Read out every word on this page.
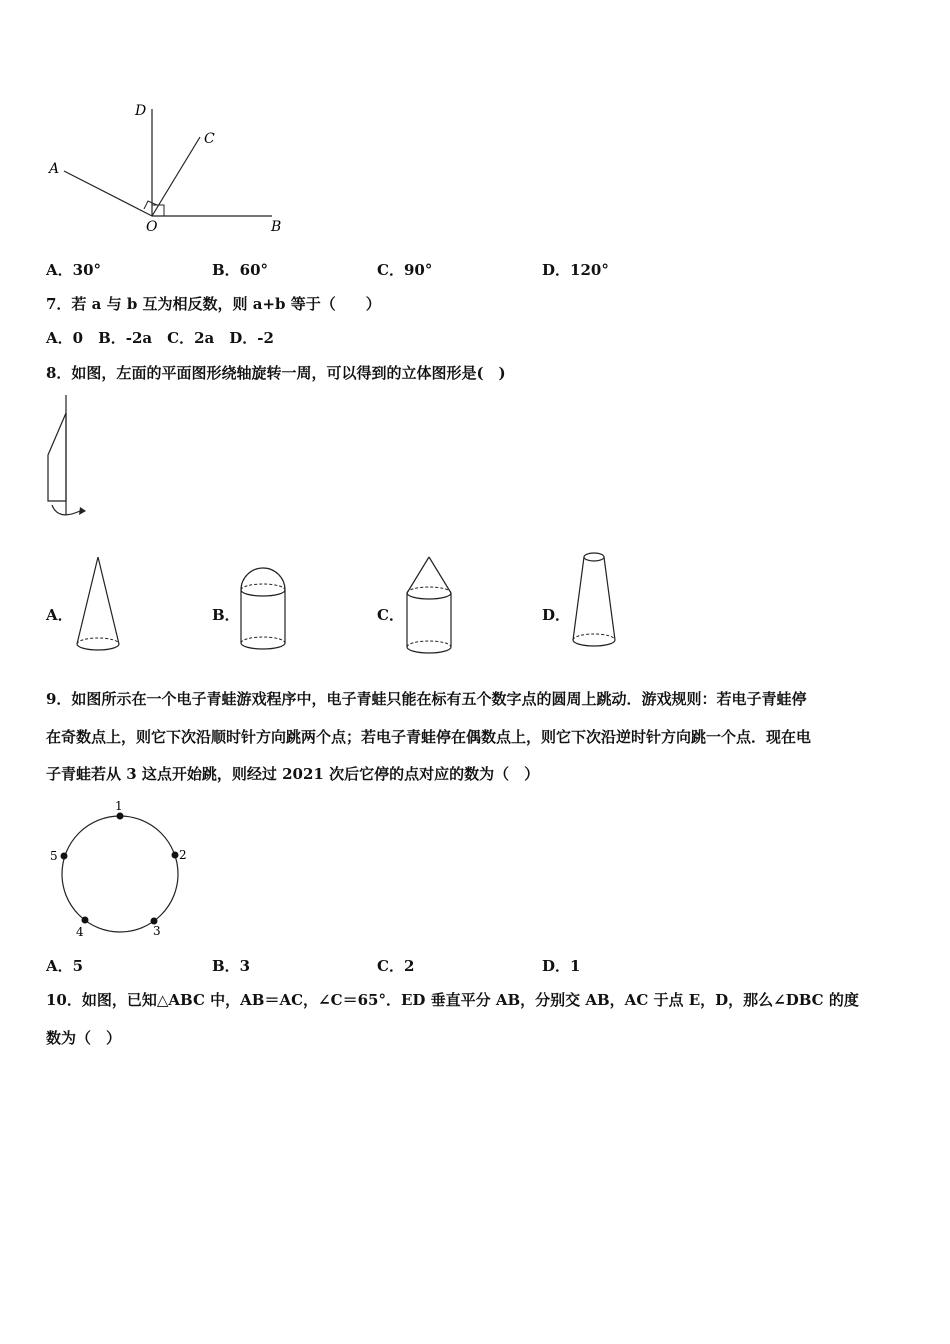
D
C
A
O	B
A．30°	B．60°	C．90°	D．120°
7．若 a 与 b 互为相反数，则 a+b 等于（　　）
A．0　B．-2a　C．2a　D．-2
8．如图，左面的平面图形绕轴旋转一周，可以得到的立体图形是(　)
A．	B．	C．	D．
9．如图所示在一个电子青蛙游戏程序中，电子青蛙只能在标有五个数字点的圆周上跳动．游戏规则：若电子青蛙停
在奇数点上，则它下次沿顺时针方向跳两个点；若电子青蛙停在偶数点上，则它下次沿逆时针方向跳一个点．现在电
子青蛙若从 3 这点开始跳，则经过 2021 次后它停的点对应的数为（　）
1
2
3
4
5
A．5	B．3	C．2	D．1
10．如图，已知△ABC 中，AB＝AC，∠C＝65°．ED 垂直平分 AB，分别交 AB，AC 于点 E，D，那么∠DBC 的度
数为（　）
